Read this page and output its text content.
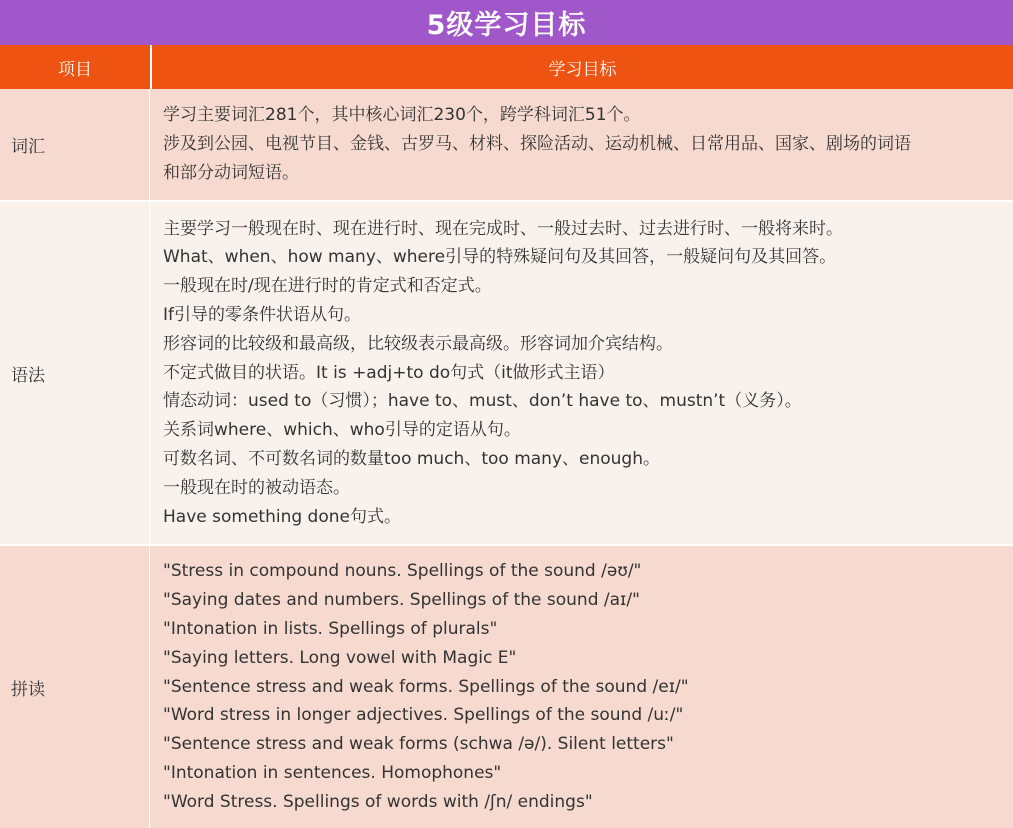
5级学习目标
项目	学习目标
词汇
学习主要词汇281个，其中核心词汇230个，跨学科词汇51个。
涉及到公园、电视节目、金钱、古罗马、材料、探险活动、运动机械、日常用品、国家、剧场的词语
和部分动词短语。
语法
主要学习一般现在时、现在进行时、现在完成时、一般过去时、过去进行时、一般将来时。
What、when、how many、where引导的特殊疑问句及其回答，一般疑问句及其回答。
一般现在时/现在进行时的肯定式和否定式。
If引导的零条件状语从句。
形容词的比较级和最高级，比较级表示最高级。形容词加介宾结构。
不定式做目的状语。It is +adj+to do句式（it做形式主语）
情态动词：used to（习惯）；have to、must、don’t have to、mustn’t（义务）。
关系词where、which、who引导的定语从句。
可数名词、不可数名词的数量too much、too many、enough。
一般现在时的被动语态。
Have something done句式。
拼读
"Stress in compound nouns. Spellings of the sound /əʊ/"
"Saying dates and numbers. Spellings of the sound /aɪ/"
"Intonation in lists. Spellings of plurals"
"Saying letters. Long vowel with Magic E"
"Sentence stress and weak forms. Spellings of the sound /eɪ/"
"Word stress in longer adjectives. Spellings of the sound /uː/"
"Sentence stress and weak forms (schwa /ə/). Silent letters"
"Intonation in sentences. Homophones"
"Word Stress. Spellings of words with /ʃn/ endings"
